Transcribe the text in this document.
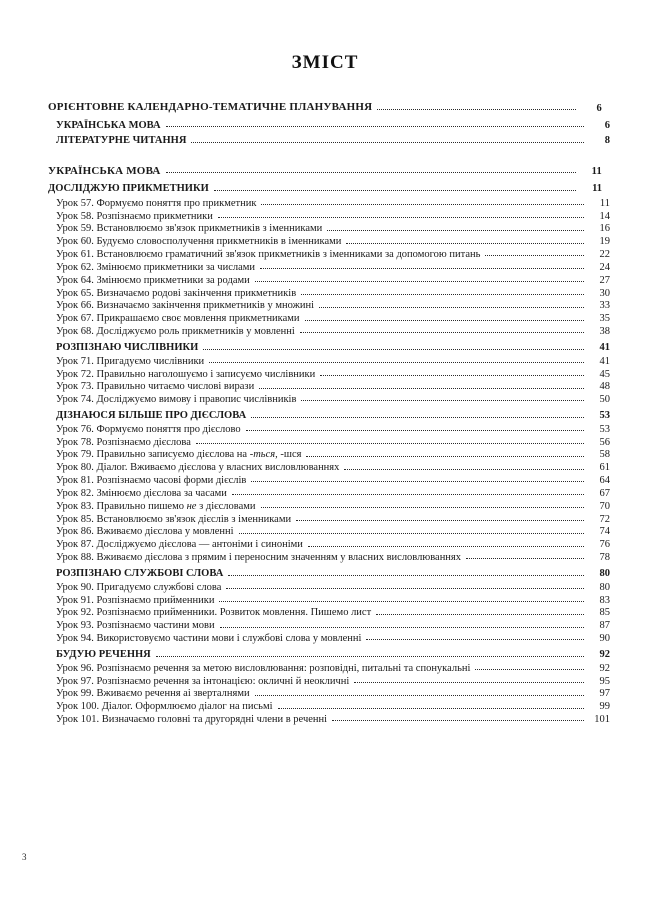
ЗМІСТ
ОРІЄНТОВНЕ КАЛЕНДАРНО-ТЕМАТИЧНЕ ПЛАНУВАННЯ	6
УКРАЇНСЬКА МОВА	6
ЛІТЕРАТУРНЕ ЧИТАННЯ	8
УКРАЇНСЬКА МОВА	11
ДОСЛІДЖУЮ ПРИКМЕТНИКИ	11
Урок 57. Формуємо поняття про прикметник	11
Урок 58. Розпізнаємо прикметники	14
Урок 59. Встановлюємо зв'язок прикметників з іменниками	16
Урок 60. Будуємо словосполучення прикметників в іменниками	19
Урок 61. Встановлюємо граматичний зв'язок прикметників з іменниками за допомогою питань	22
Урок 62. Змінюємо прикметники за числами	24
Урок 64. Змінюємо прикметники за родами	27
Урок 65. Визначаємо родові закінчення прикметників	30
Урок 66. Визначаємо закінчення прикметників у множині	33
Урок 67. Прикрашаємо своє мовлення прикметниками	35
Урок 68. Досліджуємо роль прикметників у мовленні	38
РОЗПІЗНАЮ ЧИСЛІВНИКИ	41
Урок 71. Пригадуємо числівники	41
Урок 72. Правильно наголошуємо і записуємо числівники	45
Урок 73. Правильно читаємо числові вирази	48
Урок 74. Досліджуємо вимову і правопис числівників	50
ДІЗНАЮСЯ БІЛЬШЕ ПРО ДІЄСЛОВА	53
Урок 76. Формуємо поняття про дієслово	53
Урок 78. Розпізнаємо дієслова	56
Урок 79. Правильно записуємо дієслова на -ться, -шся	58
Урок 80. Діалог. Вживаємо дієслова у власних висловлюваннях	61
Урок 81. Розпізнаємо часові форми дієслів	64
Урок 82. Змінюємо дієслова за часами	67
Урок 83. Правильно пишемо не з дієсловами	70
Урок 85. Встановлюємо зв'язок дієслів з іменниками	72
Урок 86. Вживаємо дієслова у мовленні	74
Урок 87. Досліджуємо дієслова — антоніми і синоніми	76
Урок 88. Вживаємо дієслова з прямим і переносним значенням у власних висловлюваннях	78
РОЗПІЗНАЮ СЛУЖБОВІ СЛОВА	80
Урок 90. Пригадуємо службові слова	80
Урок 91. Розпізнаємо прийменники	83
Урок 92. Розпізнаємо прийменники. Розвиток мовлення. Пишемо лист	85
Урок 93. Розпізнаємо частини мови	87
Урок 94. Використовуємо частини мови і службові слова у мовленні	90
БУДУЮ РЕЧЕННЯ	92
Урок 96. Розпізнаємо речення за метою висловлювання: розповідні, питальні та спонукальні	92
Урок 97. Розпізнаємо речення за інтонацією: окличні й неокличні	95
Урок 99. Вживаємо речення аі зверталнями	97
Урок 100. Діалог. Оформлюємо діалог на письмі	99
Урок 101. Визначаємо головні та другорядні члени в реченні	101
3
